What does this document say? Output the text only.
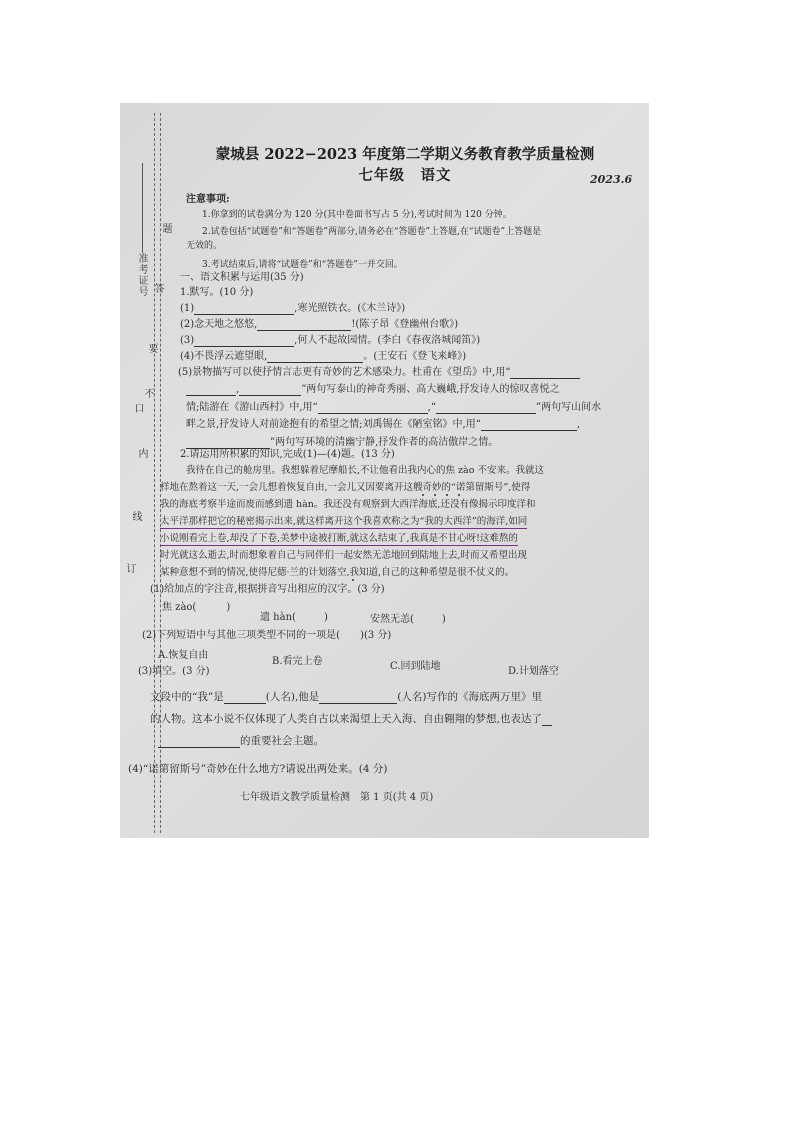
准考证号
题
答
要
不
口
内
线
订
蒙城县 2022−2023 年度第二学期义务教育教学质量检测
七年级　语文	2023.6
注意事项:
1.你拿到的试卷满分为 120 分(其中卷面书写占 5 分),考试时间为 120 分钟。
2.试卷包括“试题卷”和“答题卷”两部分,请务必在“答题卷”上答题,在“试题卷”上答题是
无效的。
3.考试结束后,请将“试题卷”和“答题卷”一并交回。
一、语文积累与运用(35 分)
1.默写。(10 分)
(1)	,寒光照铁衣。(《木兰诗》)
(2)念天地之悠悠,	!(陈子昂《登幽州台歌》)
(3)	,何人不起故园情。(李白《春夜洛城闻笛》)
(4)不畏浮云遮望眼,	。(王安石《登飞来峰》)
(5)景物描写可以使抒情言志更有奇妙的艺术感染力。杜甫在《望岳》中,用“
,	”两句写泰山的神奇秀丽、高大巍峨,抒发诗人的惊叹喜悦之
情;陆游在《游山西村》中,用“	,“	”两句写山间水
畔之景,抒发诗人对前途抱有的希望之情;刘禹锡在《陋室铭》中,用“	,
”两句写环境的清幽宁静,抒发作者的高洁傲岸之情。
2.请运用所积累的知识,完成(1)—(4)题。(13 分)
我待在自己的舱房里。我想躲着尼摩船长,不让他看出我内心的焦 zào 不安来。我就这
样地在熬着这一天,一会儿想着恢复自由,一会儿又因要离开这艘奇妙的“诺第留斯号”,使得
我的海底考察半途而废而感到遗 hàn。我还没有观察到大西洋海底,还没有像揭示印度洋和
太平洋那样把它的秘密揭示出来,就这样离开这个我喜欢称之为“我的大西洋”的海洋,如同
小说刚看完上卷,却没了下卷,美梦中途被打断,就这么结束了,我真是不甘心呀!这难熬的
时光就这么逝去,时而想象着自己与同伴们一起安然无恙地回到陆地上去,时而又希望出现
某种意想不到的情况,使得尼德·兰的计划落空,我知道,自己的这种希望是很不仗义的。
(1)给加点的字注音,根据拼音写出相应的汉字。(3 分)
焦 zào(	)
遗 hàn(	)	安然无恙(	)
(2)下列短语中与其他三项类型不同的一项是( )(3 分)
A.恢复自由
B.看完上卷	C.回到陆地	D.计划落空
(3)填空。(3 分)
文段中的“我”是	(人名),他是	(人名)写作的《海底两万里》里
的人物。这本小说不仅体现了人类自古以来渴望上天入海、自由翱翔的梦想,也表达了
的重要社会主题。
(4)“诺第留斯号”奇妙在什么地方?请说出两处来。(4 分)
七年级语文教学质量检测　第 1 页(共 4 页)
